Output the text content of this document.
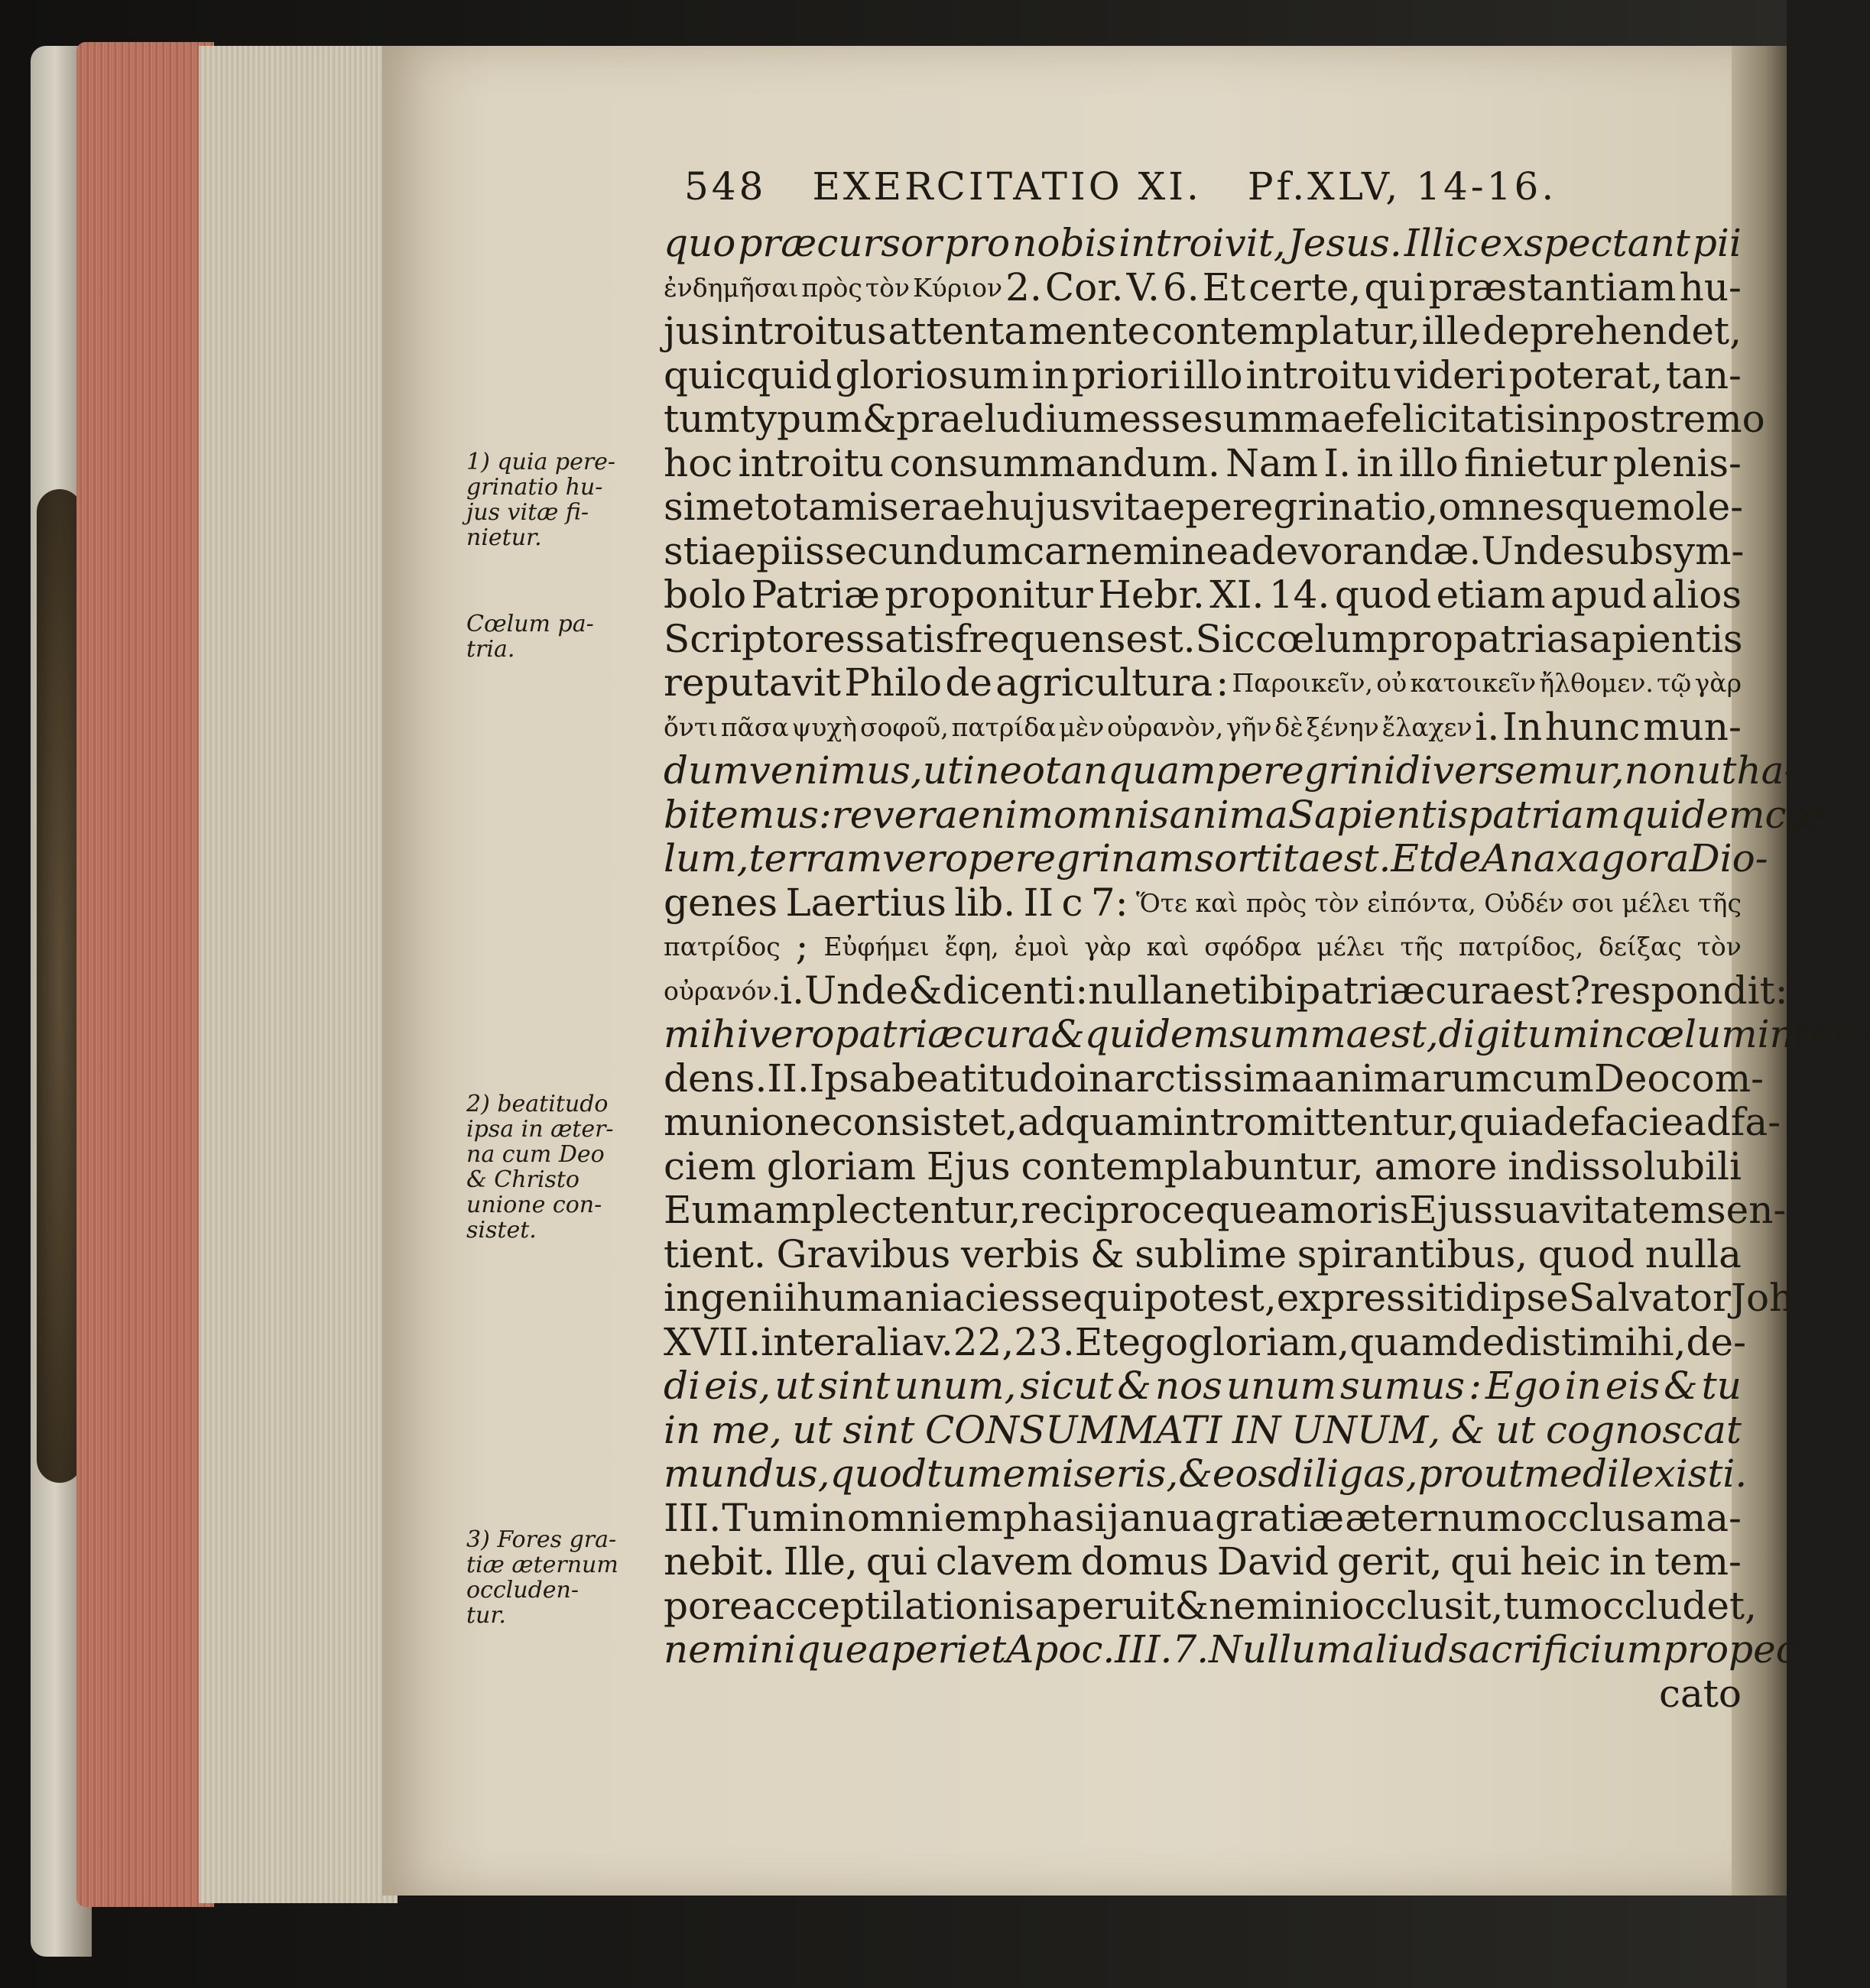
548 EXERCITATIO XI. Pf.XLV, 14-16.
1) quia pere-
grinatio hu-
jus vitæ fi-
nietur.
Cœlum pa-
tria.
2) beatitudo
ipsa in æter-
na cum Deo
& Christo
unione con-
sistet.
3) Fores gra-
tiæ æternum
occluden-
tur.
quo præcursor pro nobis introivit, Jesus. Illic exspectant pii
ἐνδημῆσαι πρὸς τὸν Κύριον 2. Cor. V. 6. Et certe, qui præstantiam hu-
jus introitus attenta mente contemplatur, ille deprehendet,
quicquid gloriosum in priori illo introitu videri poterat, tan-
tum typum & praeludium esse summae felicitatis in postremo
hoc introitu consummandum. Nam I. in illo finietur plenis-
sime tota miserae hujus vitae peregrinatio, omnesque mole-
stiae piis secundum carnem in ea devorandæ. Unde sub sym-
bolo Patriæ proponitur Hebr. XI. 14. quod etiam apud alios
Scriptores satis frequens est. Sic cœlum pro patria sapientis
reputavit Philo de agricultura : Παροικεῖν, οὐ κατοικεῖν ἤλθομεν. τῷ γὰρ
ὄντι πᾶσα ψυχὴ σοφοῦ, πατρίδα μὲν οὐρανὸν, γῆν δὲ ξένην ἔλαχεν i. In hunc mun-
dum venimus, ut in eo tanquam peregrini diversemur, non ut ha-
bitemus : revera enim omnis anima Sapientis patriam quidem cœ-
lum, terram vero peregrinam sortita est. Et de Anaxagora Dio-
genes Laertius lib. II c 7: Ὅτε καὶ πρὸς τὸν εἰπόντα, Οὐδέν σοι μέλει τῆς
πατρίδος ; Εὐφήμει ἔφη, ἐμοὶ γὰρ καὶ σφόδρα μέλει τῆς πατρίδος, δείξας τὸν
οὐρανόν. i. Unde & dicenti : nullane tibi patriæ cura est ? respondit :
mihi vero patriæ cura & quidem summa est, digitum in cœlum inten-
dens. II. Ipsa beatitudo in arctissima animarum cum Deo com-
munione consistet, ad quam intromittentur, quia de facie ad fa-
ciem gloriam Ejus contemplabuntur, amore indissolubili
Eum amplectentur, reciproceque amoris Ejus suavitatem sen-
tient. Gravibus verbis & sublime spirantibus, quod nulla
ingenii humani acies sequi potest, expressit id ipse Salvator Joh.
XVII. inter alia v. 22, 23. Et ego gloriam, quam dedisti mihi, de-
di eis, ut sint unum, sicut & nos unum sumus : Ego in eis & tu
in me, ut sint CONSUMMATI IN UNUM, & ut cognoscat
mundus, quod tu me miseris, & eos diligas, prout me dilexisti.
III. Tum in omni emphasi janua gratiæ æternum occlusa ma-
nebit. Ille, qui clavem domus David gerit, qui heic in tem-
pore acceptilationis aperuit & nemini occlusit, tum occludet,
neminique aperiet Apoc. III. 7. Nullum aliud sacrificium pro pec-
cato
